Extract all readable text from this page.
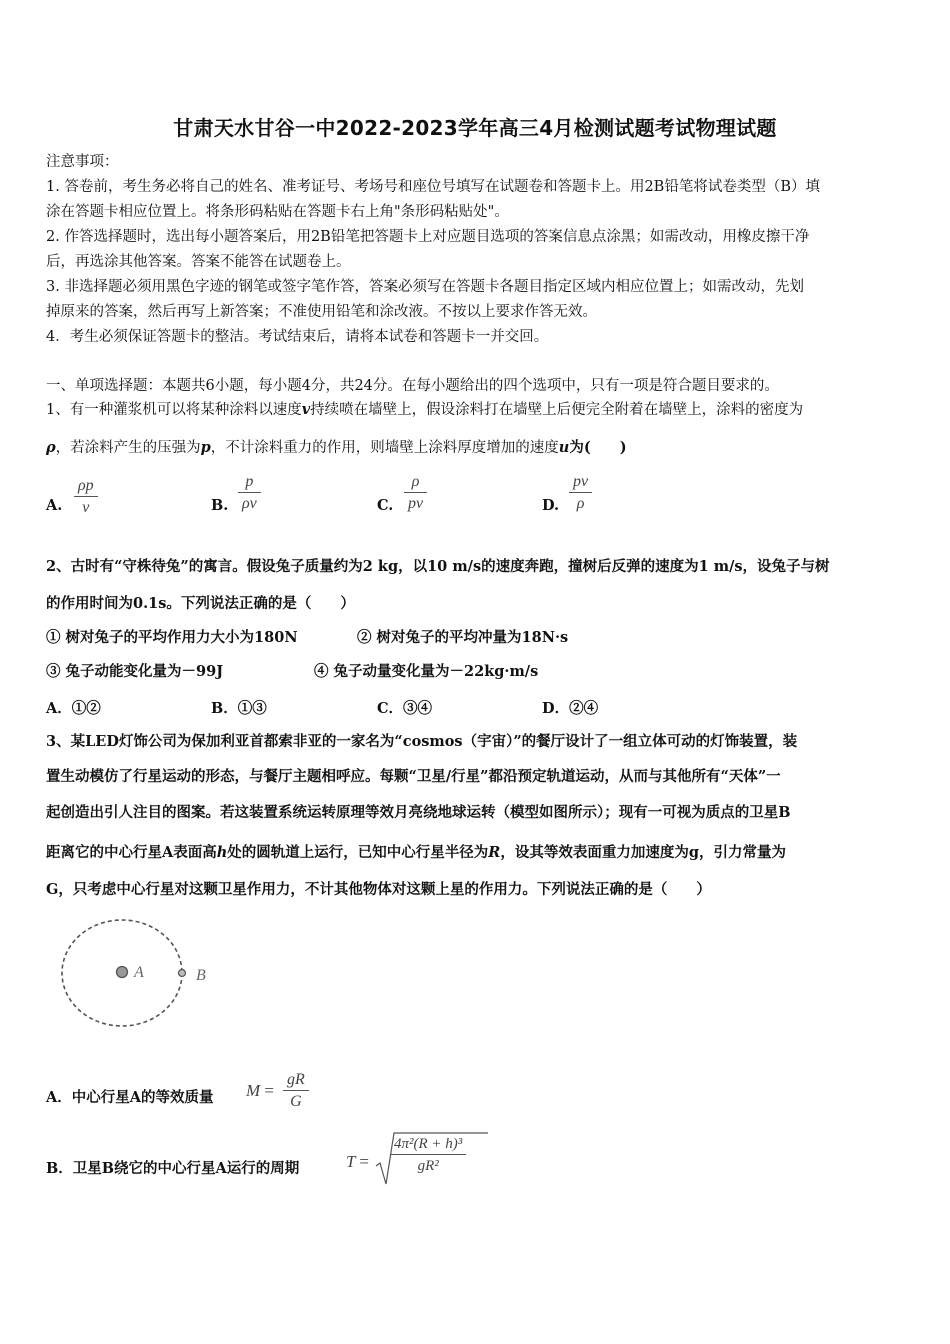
甘肃天水甘谷一中2022-2023学年高三4月检测试题考试物理试题
注意事项：
1. 答卷前，考生务必将自己的姓名、准考证号、考场号和座位号填写在试题卷和答题卡上。用2B铅笔将试卷类型（B）填
涂在答题卡相应位置上。将条形码粘贴在答题卡右上角"条形码粘贴处"。
2. 作答选择题时，选出每小题答案后，用2B铅笔把答题卡上对应题目选项的答案信息点涂黑；如需改动，用橡皮擦干净
后，再选涂其他答案。答案不能答在试题卷上。
3. 非选择题必须用黑色字迹的钢笔或签字笔作答，答案必须写在答题卡各题目指定区域内相应位置上；如需改动，先划
掉原来的答案，然后再写上新答案；不准使用铅笔和涂改液。不按以上要求作答无效。
4．考生必须保证答题卡的整洁。考试结束后，请将本试卷和答题卡一并交回。
一、单项选择题：本题共6小题，每小题4分，共24分。在每小题给出的四个选项中，只有一项是符合题目要求的。
1、有一种灌浆机可以将某种涂料以速度v持续喷在墙壁上，假设涂料打在墙壁上后便完全附着在墙壁上，涂料的密度为
ρ，若涂料产生的压强为p，不计涂料重力的作用，则墙壁上涂料厚度增加的速度u为(　　)
A.
ρp
v	B.
p
ρv	C.
ρ
pv	D.
pv
ρ
2、古时有“守株待兔”的寓言。假设兔子质量约为2 kg，以10 m/s的速度奔跑，撞树后反弹的速度为1 m/s，设兔子与树
的作用时间为0.1s。下列说法正确的是（　　）
① 树对兔子的平均作用力大小为180N	② 树对兔子的平均冲量为18N·s
③ 兔子动能变化量为－99J	④ 兔子动量变化量为－22kg·m/s
A．①②	B．①③	C．③④	D．②④
3、某LED灯饰公司为保加利亚首都索非亚的一家名为“cosmos（宇宙）”的餐厅设计了一组立体可动的灯饰装置，装
置生动模仿了行星运动的形态，与餐厅主题相呼应。每颗“卫星/行星”都沿预定轨道运动，从而与其他所有“天体”一
起创造出引人注目的图案。若这装置系统运转原理等效月亮绕地球运转（模型如图所示）；现有一可视为质点的卫星B
距离它的中心行星A表面高h处的圆轨道上运行，已知中心行星半径为R，设其等效表面重力加速度为g，引力常量为
G，只考虑中心行星对这颗卫星作用力，不计其他物体对这颗上星的作用力。下列说法正确的是（　　）
A	B
A．中心行星A的等效质量 M =
gR
G
B．卫星B绕它的中心行星A运行的周期	T =
4π²(R + h)³
gR²
